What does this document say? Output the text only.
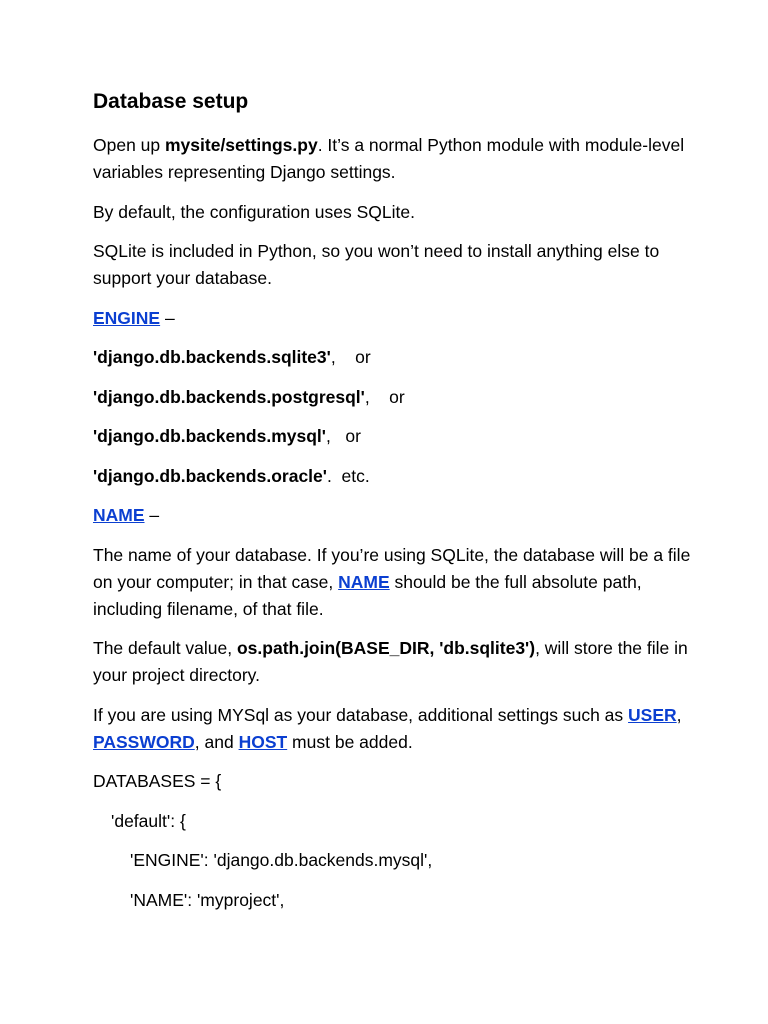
Database setup

Open up mysite/settings.py. It’s a normal Python module with module-level variables representing Django settings.

By default, the configuration uses SQLite.

SQLite is included in Python, so you won’t need to install anything else to support your database.

ENGINE –

'django.db.backends.sqlite3',    or

'django.db.backends.postgresql',    or

'django.db.backends.mysql',   or

'django.db.backends.oracle'.  etc.

NAME –

The name of your database. If you’re using SQLite, the database will be a file on your computer; in that case, NAME should be the full absolute path, including filename, of that file.

The default value, os.path.join(BASE_DIR, 'db.sqlite3'), will store the file in your project directory.

If you are using MYSql as your database, additional settings such as USER, PASSWORD, and HOST must be added.

DATABASES = {

'default': {

'ENGINE': 'django.db.backends.mysql',

'NAME': 'myproject',
